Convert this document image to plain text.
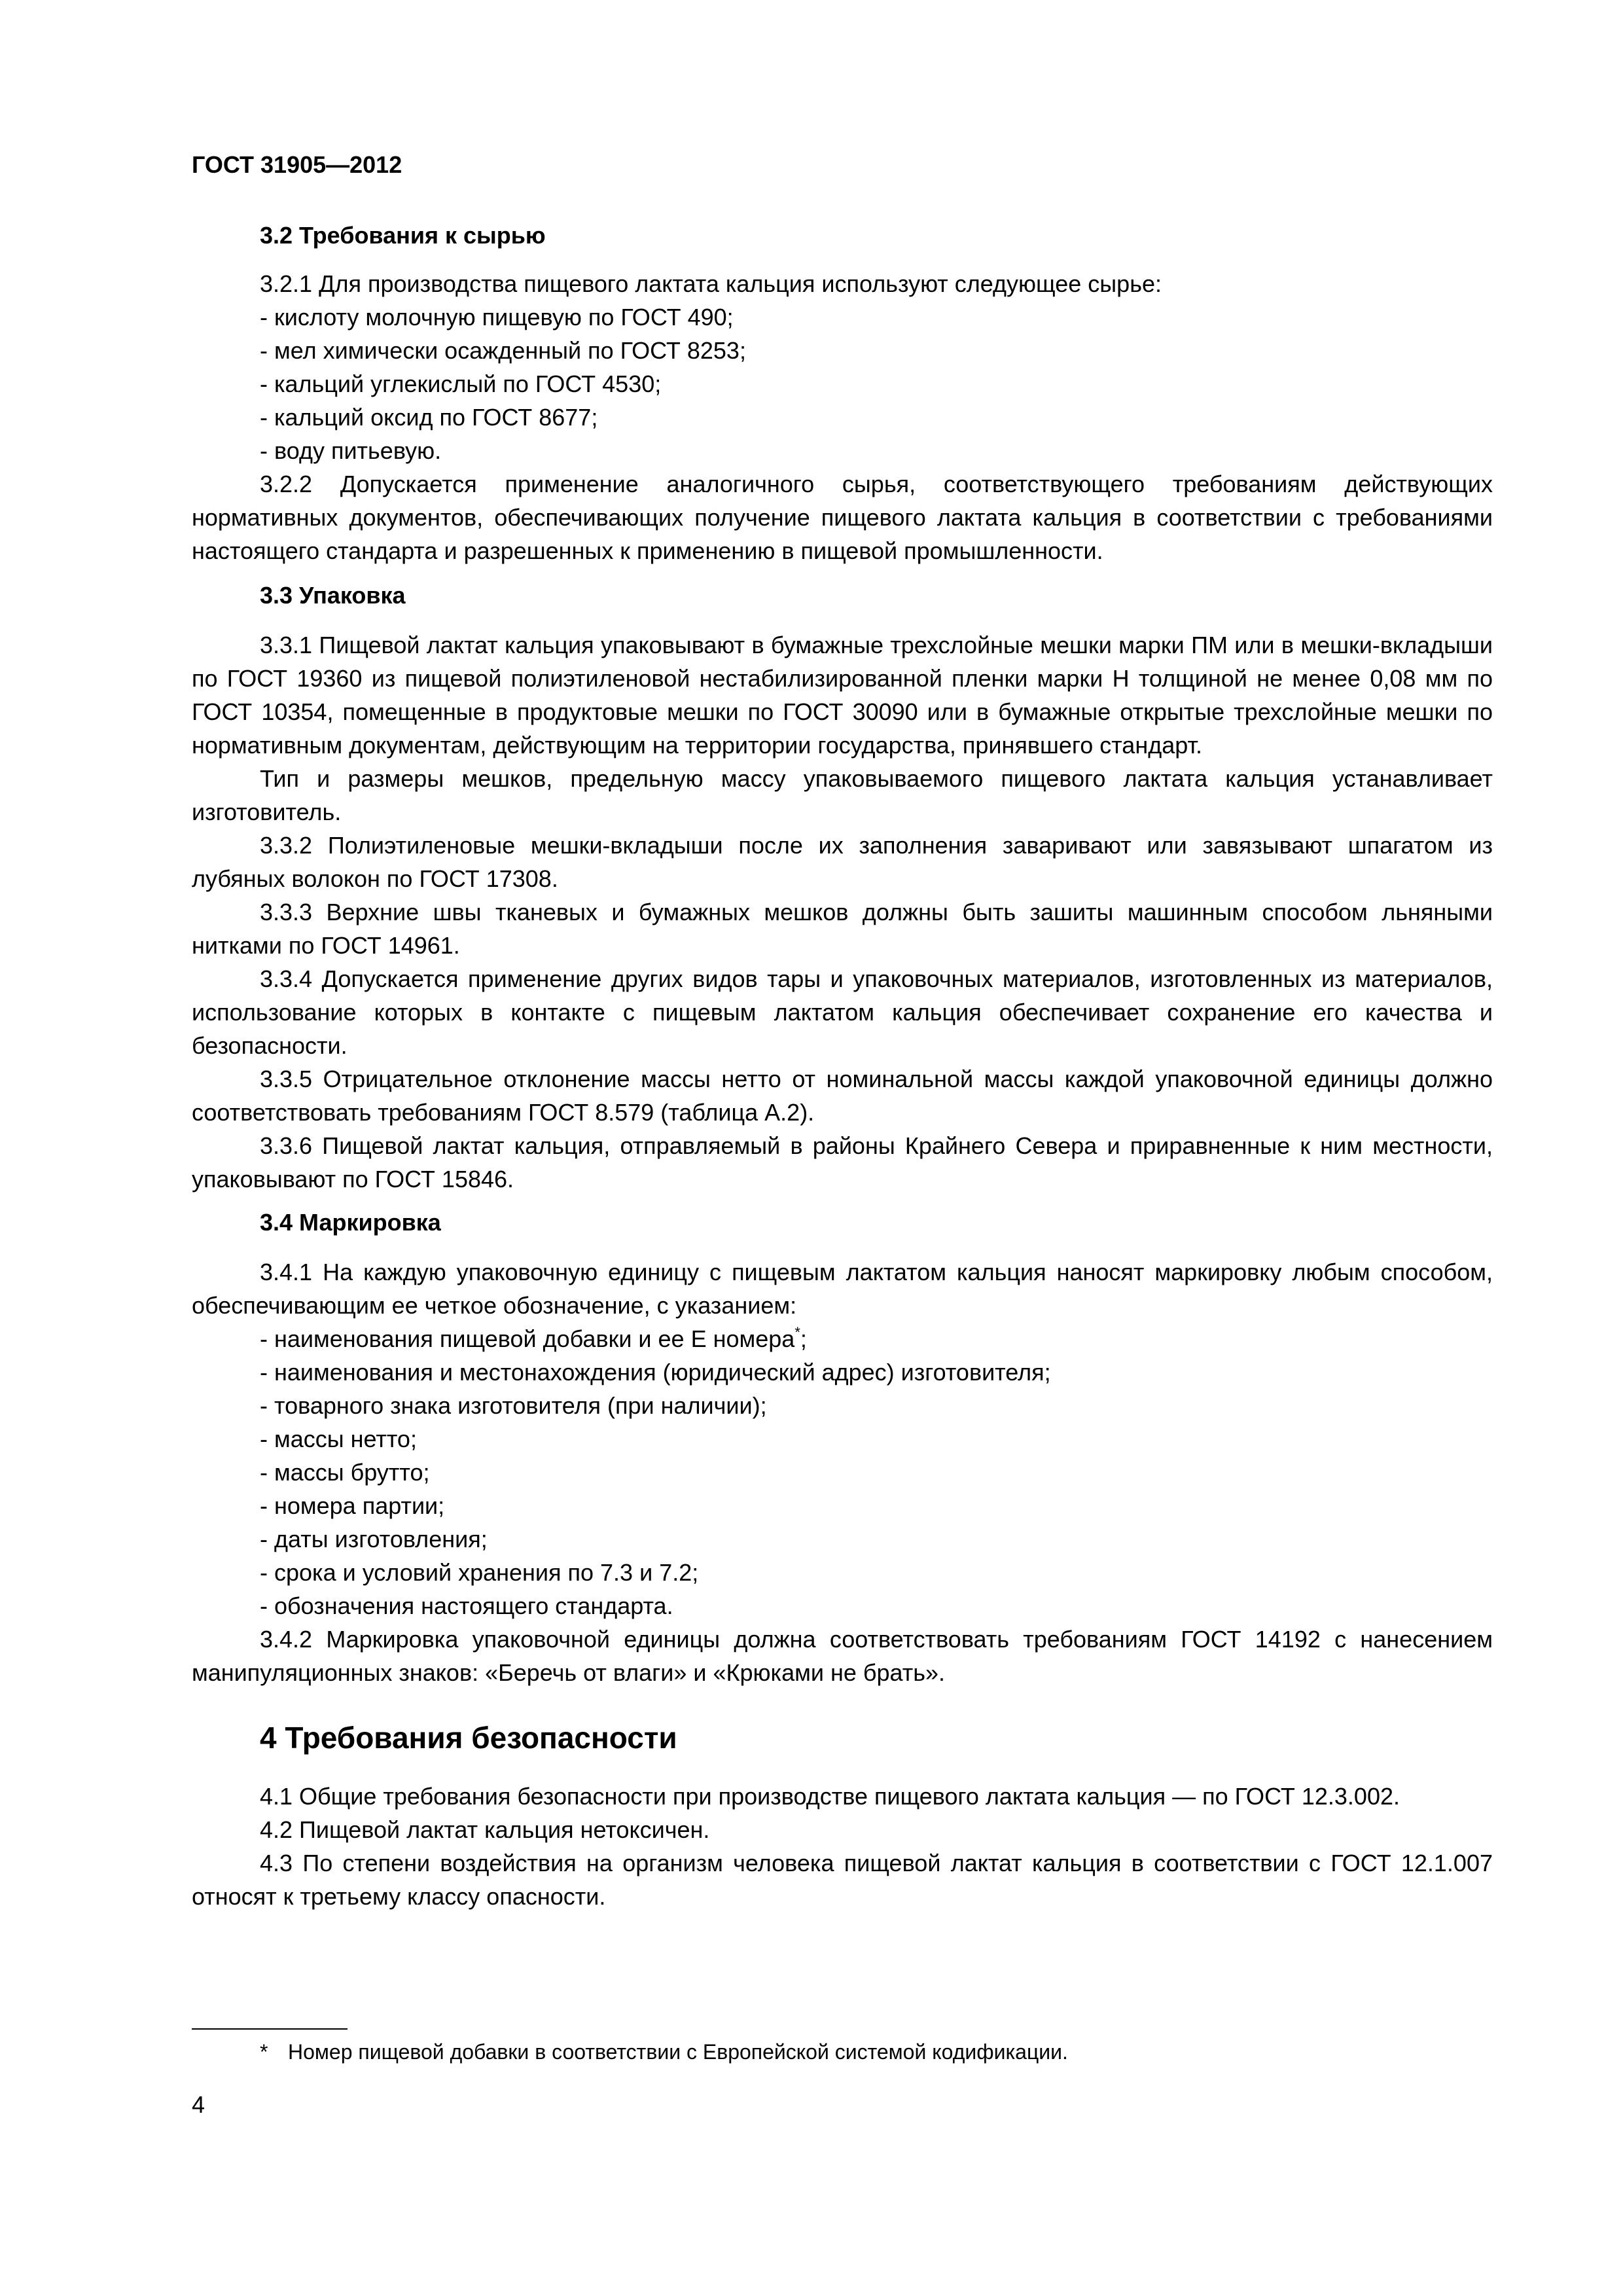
ГОСТ 31905—2012
3.2 Требования к сырью

3.2.1 Для производства пищевого лактата кальция используют следующее сырье:

- кислоту молочную пищевую по ГОСТ 490;
- мел химически осажденный по ГОСТ 8253;
- кальций углекислый по ГОСТ 4530;
- кальций оксид по ГОСТ 8677;
- воду питьевую.

3.2.2 Допускается применение аналогичного сырья, соответствующего требованиям действующих нормативных документов, обеспечивающих получение пищевого лактата кальция в соответствии с требованиями настоящего стандарта и разрешенных к применению в пищевой промышленности.

3.3 Упаковка

3.3.1 Пищевой лактат кальция упаковывают в бумажные трехслойные мешки марки ПМ или в мешки-вкладыши по ГОСТ 19360 из пищевой полиэтиленовой нестабилизированной пленки марки Н толщиной не менее 0,08 мм по ГОСТ 10354, помещенные в продуктовые мешки по ГОСТ 30090 или в бумажные открытые трехслойные мешки по нормативным документам, действующим на территории государства, принявшего стандарт.

Тип и размеры мешков, предельную массу упаковываемого пищевого лактата кальция устанавливает изготовитель.

3.3.2 Полиэтиленовые мешки-вкладыши после их заполнения заваривают или завязывают шпагатом из лубяных волокон по ГОСТ 17308.

3.3.3 Верхние швы тканевых и бумажных мешков должны быть зашиты машинным способом льняными нитками по ГОСТ 14961.

3.3.4 Допускается применение других видов тары и упаковочных материалов, изготовленных из материалов, использование которых в контакте с пищевым лактатом кальция обеспечивает сохранение его качества и безопасности.

3.3.5 Отрицательное отклонение массы нетто от номинальной массы каждой упаковочной единицы должно соответствовать требованиям ГОСТ 8.579 (таблица А.2).

3.3.6 Пищевой лактат кальция, отправляемый в районы Крайнего Севера и приравненные к ним местности, упаковывают по ГОСТ 15846.

3.4 Маркировка

3.4.1 На каждую упаковочную единицу с пищевым лактатом кальция наносят маркировку любым способом, обеспечивающим ее четкое обозначение, с указанием:

- наименования пищевой добавки и ее Е номера*;
- наименования и местонахождения (юридический адрес) изготовителя;
- товарного знака изготовителя (при наличии);
- массы нетто;
- массы брутто;
- номера партии;
- даты изготовления;
- срока и условий хранения по 7.3 и 7.2;
- обозначения настоящего стандарта.

3.4.2 Маркировка упаковочной единицы должна соответствовать требованиям ГОСТ 14192 с нанесением манипуляционных знаков: «Беречь от влаги» и «Крюками не брать».

4 Требования безопасности

4.1 Общие требования безопасности при производстве пищевого лактата кальция — по ГОСТ 12.3.002.

4.2 Пищевой лактат кальция нетоксичен.

4.3 По степени воздействия на организм человека пищевой лактат кальция в соответствии с ГОСТ 12.1.007 относят к третьему классу опасности.

* Номер пищевой добавки в соответствии с Европейской системой кодификации.
4
